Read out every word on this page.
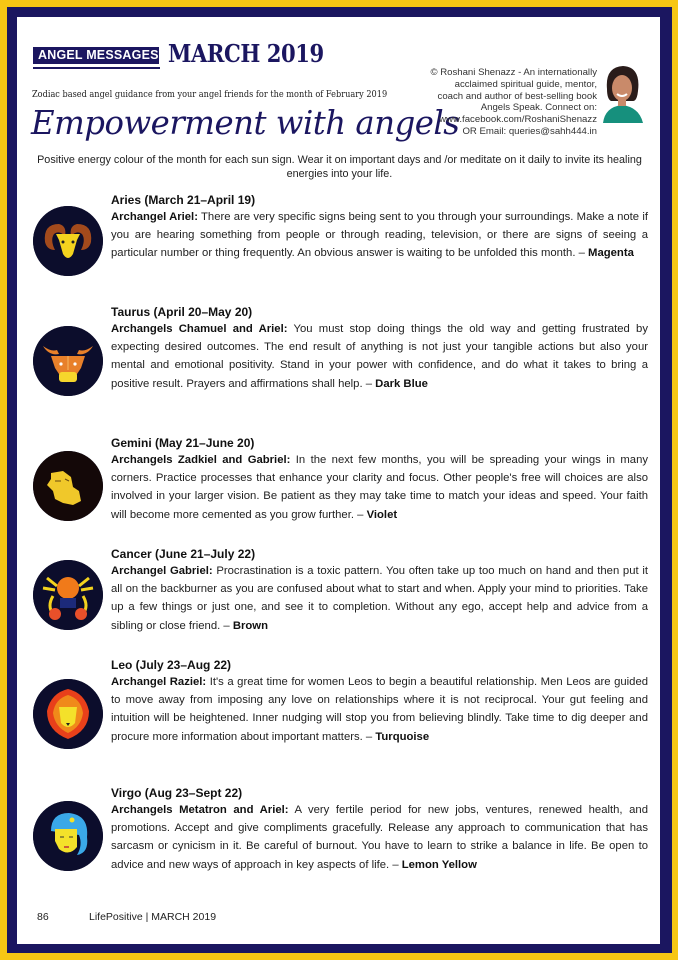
ANGEL MESSAGES MARCH 2019
Zodiac based angel guidance from your angel friends for the month of February 2019
Empowerment with angels
© Roshani Shenazz - An internationally
acclaimed spiritual guide, mentor,
coach and author of best-selling book
Angels Speak. Connect on:
www.facebook.com/RoshaniShenazz
OR Email: queries@sahh444.in
Positive energy colour of the month for each sun sign. Wear it on important days and /or meditate on it daily to invite its healing energies into your life.
Aries (March 21–April 19)
Archangel Ariel: There are very specific signs being sent to you through your surroundings. Make a note if you are hearing something from people or through reading, television, or there are signs of seeing a particular number or thing frequently. An obvious answer is waiting to be unfolded this month. – Magenta
Taurus (April 20–May 20)
Archangels Chamuel and Ariel: You must stop doing things the old way and getting frustrated by expecting desired outcomes. The end result of anything is not just your tangible actions but also your mental and emotional positivity. Stand in your power with confidence, and do what it takes to bring a positive result. Prayers and affirmations shall help. – Dark Blue
Gemini (May 21–June 20)
Archangels Zadkiel and Gabriel: In the next few months, you will be spreading your wings in many corners. Practice processes that enhance your clarity and focus. Other people's free will choices are also involved in your larger vision. Be patient as they may take time to match your ideas and speed. Your faith will become more cemented as you grow further. – Violet
Cancer (June 21–July 22)
Archangel Gabriel: Procrastination is a toxic pattern. You often take up too much on hand and then put it all on the backburner as you are confused about what to start and when. Apply your mind to priorities. Take up a few things or just one, and see it to completion. Without any ego, accept help and advice from a sibling or close friend. – Brown
Leo (July 23–Aug 22)
Archangel Raziel: It's a great time for women Leos to begin a beautiful relationship. Men Leos are guided to move away from imposing any love on relationships where it is not reciprocal. Your gut feeling and intuition will be heightened. Inner nudging will stop you from believing blindly. Take time to dig deeper and procure more information about important matters. – Turquoise
Virgo (Aug 23–Sept 22)
Archangels Metatron and Ariel: A very fertile period for new jobs, ventures, renewed health, and promotions. Accept and give compliments gracefully. Release any approach to communication that has sarcasm or cynicism in it. Be careful of burnout. You have to learn to strike a balance in life. Be open to advice and new ways of approach in key aspects of life. – Lemon Yellow
86	LifePositive | MARCH 2019
